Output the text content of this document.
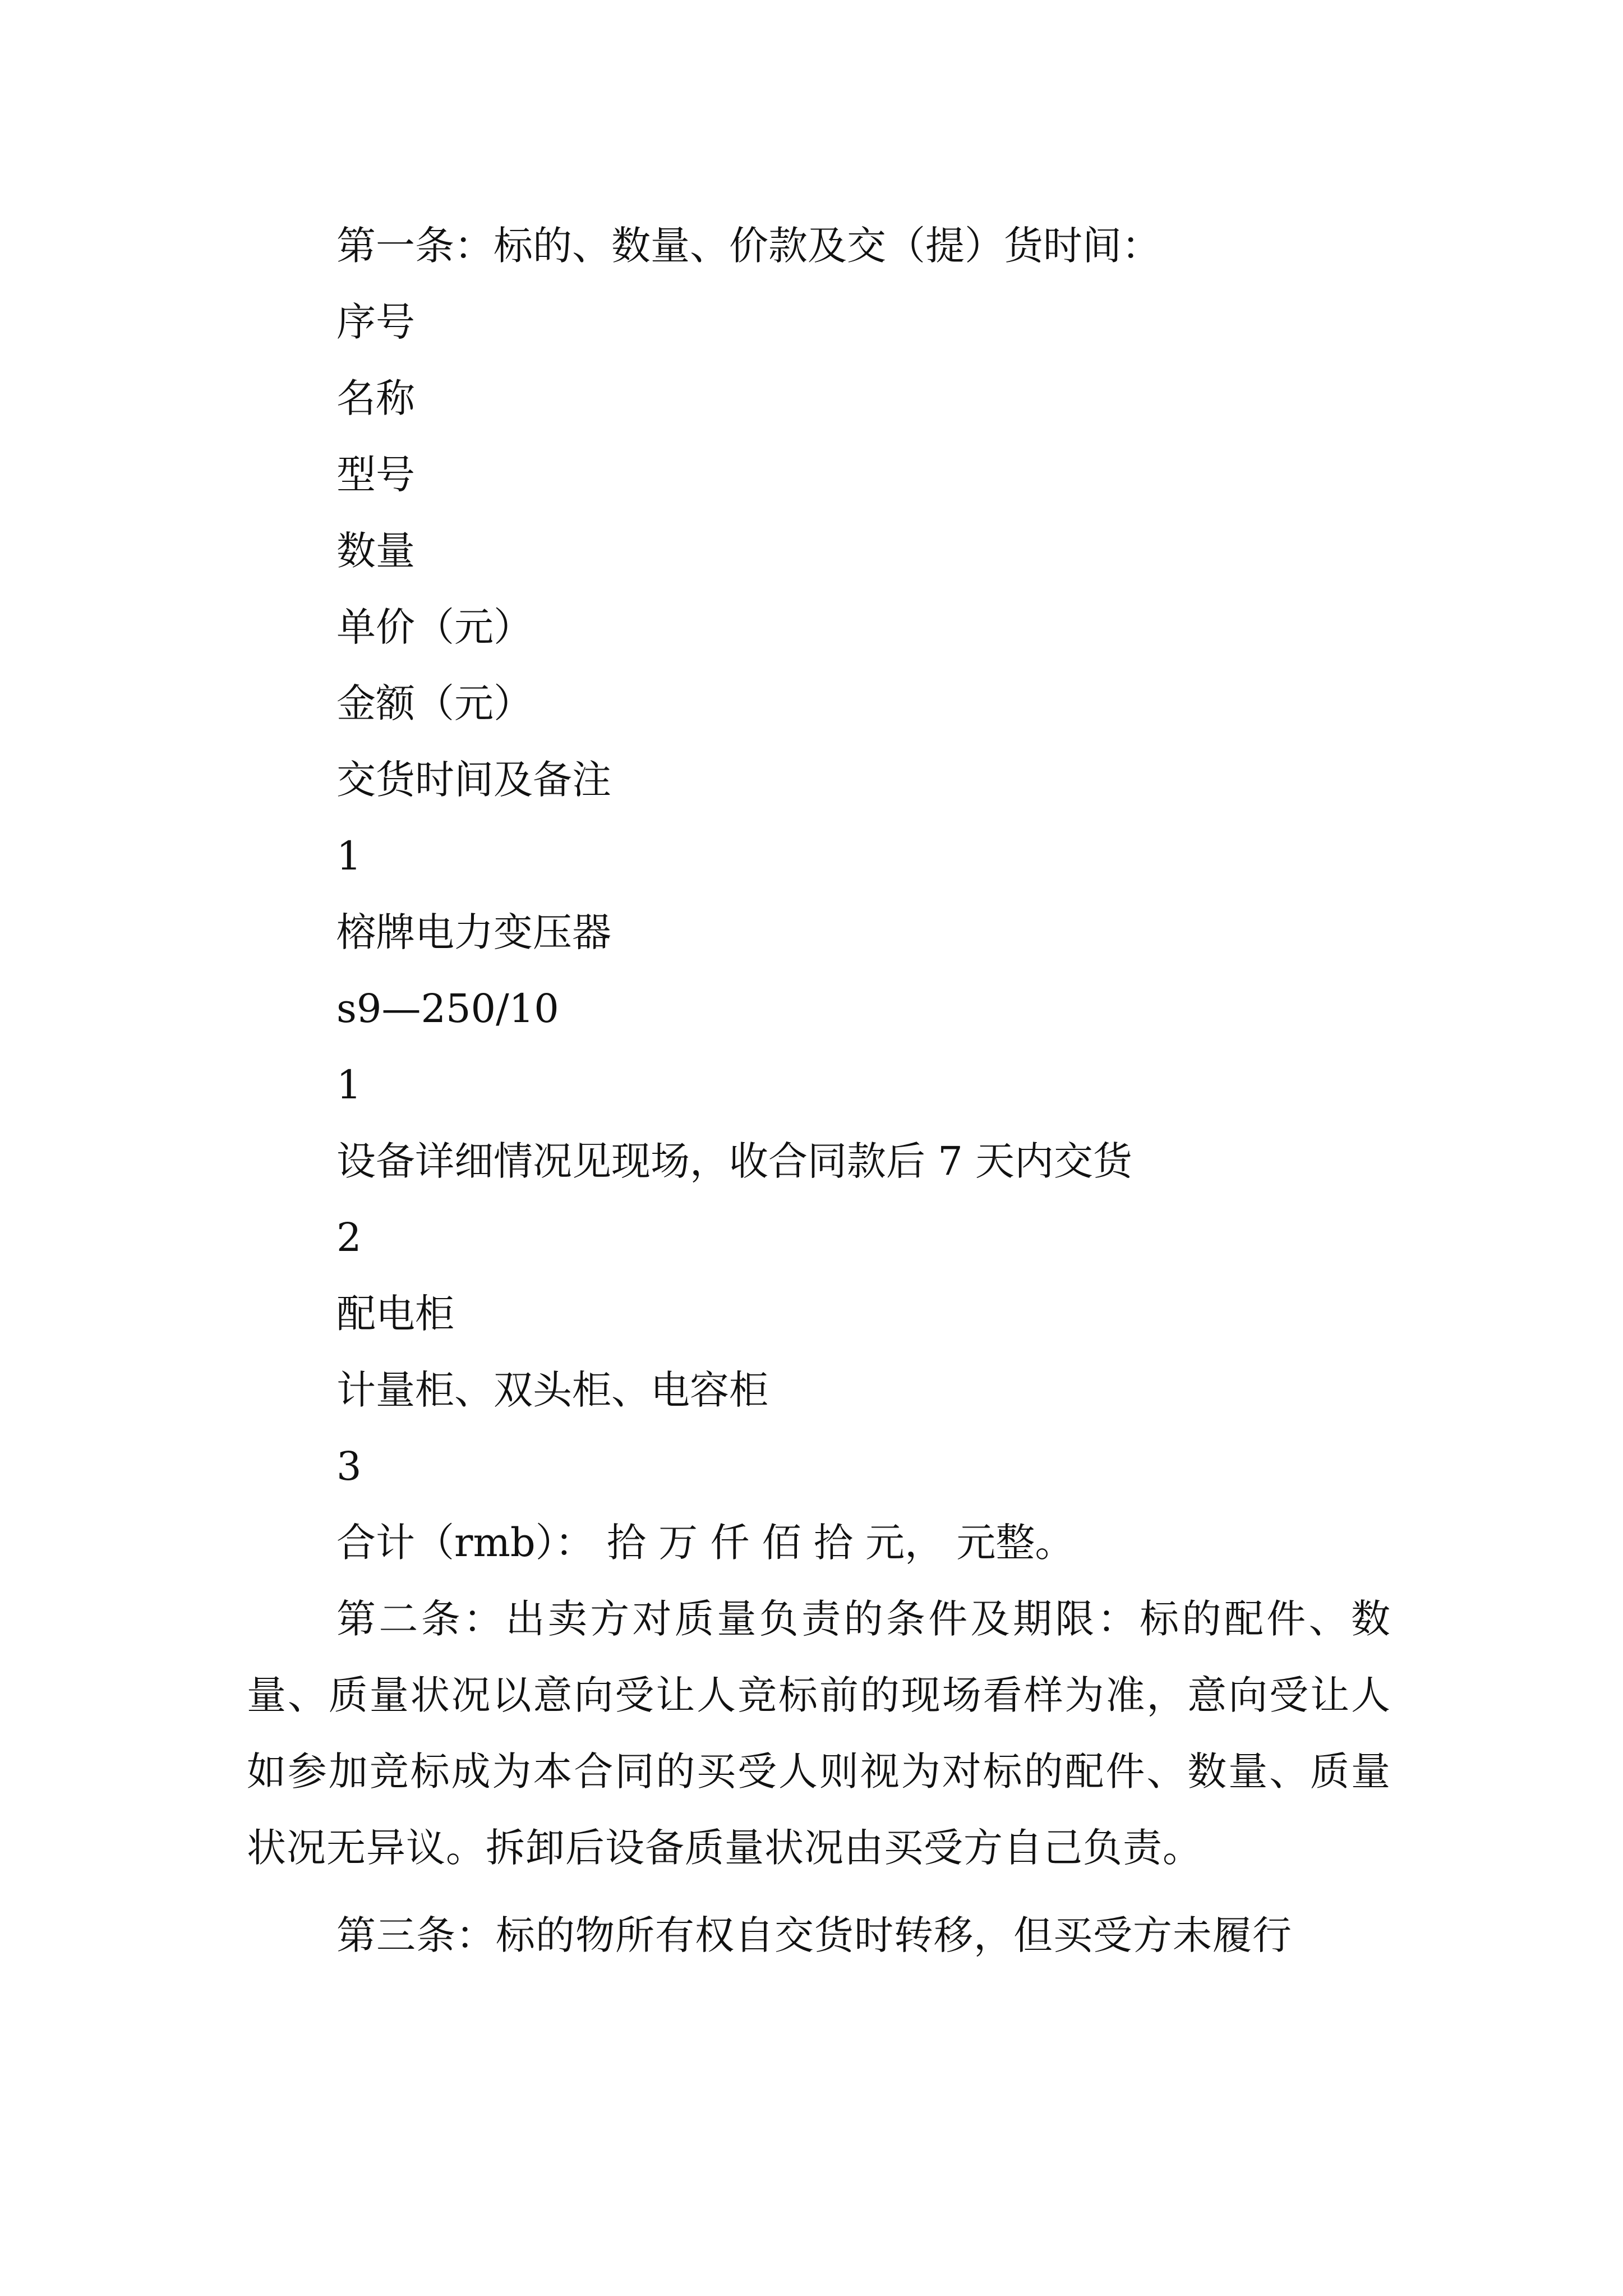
第一条：标的、数量、价款及交（提）货时间：
序号
名称
型号
数量
单价（元）
金额（元）
交货时间及备注
1
榕牌电力变压器
s9—250/10
1
设备详细情况见现场，收合同款后 7 天内交货
2
配电柜
计量柜、双头柜、电容柜
3
合计（rmb）： 拾 万 仟 佰 拾 元， 元整。

第二条：出卖方对质量负责的条件及期限：标的配件、数量、质量状况以意向受让人竞标前的现场看样为准，意向受让人如参加竞标成为本合同的买受人则视为对标的配件、数量、质量状况无异议。拆卸后设备质量状况由买受方自己负责。

第三条：标的物所有权自交货时转移，但买受方未履行
